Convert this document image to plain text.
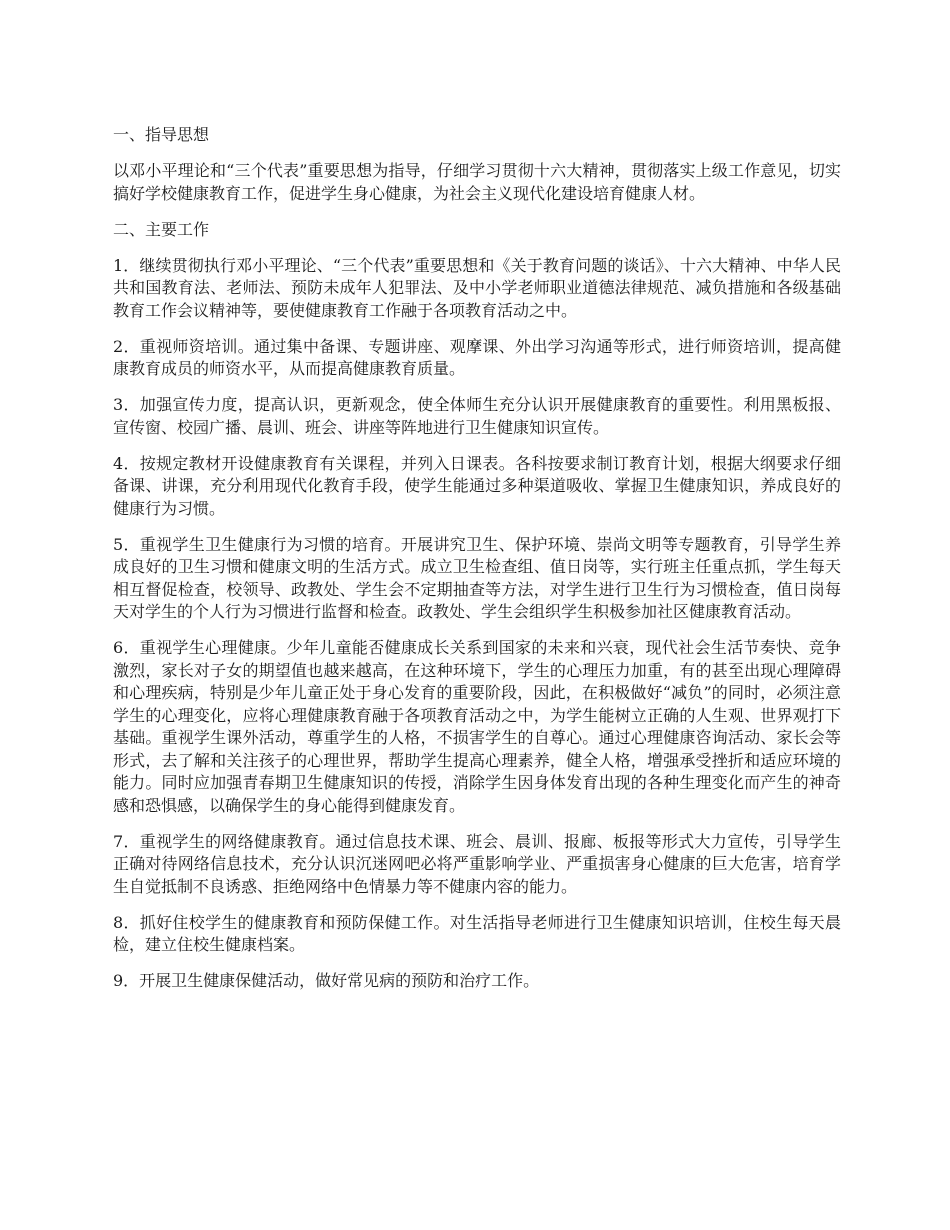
一、指导思想

以邓小平理论和“三个代表”重要思想为指导，仔细学习贯彻十六大精神，贯彻落实上级工作意见，切实搞好学校健康教育工作，促进学生身心健康，为社会主义现代化建设培育健康人材。

二、主要工作

1．继续贯彻执行邓小平理论、“三个代表”重要思想和《关于教育问题的谈话》、十六大精神、中华人民共和国教育法、老师法、预防未成年人犯罪法、及中小学老师职业道德法律规范、减负措施和各级基础教育工作会议精神等，要使健康教育工作融于各项教育活动之中。

2．重视师资培训。通过集中备课、专题讲座、观摩课、外出学习沟通等形式，进行师资培训，提高健康教育成员的师资水平，从而提高健康教育质量。

3．加强宣传力度，提高认识，更新观念，使全体师生充分认识开展健康教育的重要性。利用黑板报、宣传窗、校园广播、晨训、班会、讲座等阵地进行卫生健康知识宣传。

4．按规定教材开设健康教育有关课程，并列入日课表。各科按要求制订教育计划，根据大纲要求仔细备课、讲课，充分利用现代化教育手段，使学生能通过多种渠道吸收、掌握卫生健康知识，养成良好的健康行为习惯。

5．重视学生卫生健康行为习惯的培育。开展讲究卫生、保护环境、崇尚文明等专题教育，引导学生养成良好的卫生习惯和健康文明的生活方式。成立卫生检查组、值日岗等，实行班主任重点抓，学生每天相互督促检查，校领导、政教处、学生会不定期抽查等方法，对学生进行卫生行为习惯检查，值日岗每天对学生的个人行为习惯进行监督和检查。政教处、学生会组织学生积极参加社区健康教育活动。

6．重视学生心理健康。少年儿童能否健康成长关系到国家的未来和兴衰，现代社会生活节奏快、竞争激烈，家长对子女的期望值也越来越高，在这种环境下，学生的心理压力加重，有的甚至出现心理障碍和心理疾病，特别是少年儿童正处于身心发育的重要阶段，因此，在积极做好“减负”的同时，必须注意学生的心理变化，应将心理健康教育融于各项教育活动之中，为学生能树立正确的人生观、世界观打下基础。重视学生课外活动，尊重学生的人格，不损害学生的自尊心。通过心理健康咨询活动、家长会等形式，去了解和关注孩子的心理世界，帮助学生提高心理素养，健全人格，增强承受挫折和适应环境的能力。同时应加强青春期卫生健康知识的传授，消除学生因身体发育出现的各种生理变化而产生的神奇感和恐惧感，以确保学生的身心能得到健康发育。

7．重视学生的网络健康教育。通过信息技术课、班会、晨训、报廊、板报等形式大力宣传，引导学生正确对待网络信息技术，充分认识沉迷网吧必将严重影响学业、严重损害身心健康的巨大危害，培育学生自觉抵制不良诱惑、拒绝网络中色情暴力等不健康内容的能力。

8．抓好住校学生的健康教育和预防保健工作。对生活指导老师进行卫生健康知识培训，住校生每天晨检，建立住校生健康档案。

9．开展卫生健康保健活动，做好常见病的预防和治疗工作。
